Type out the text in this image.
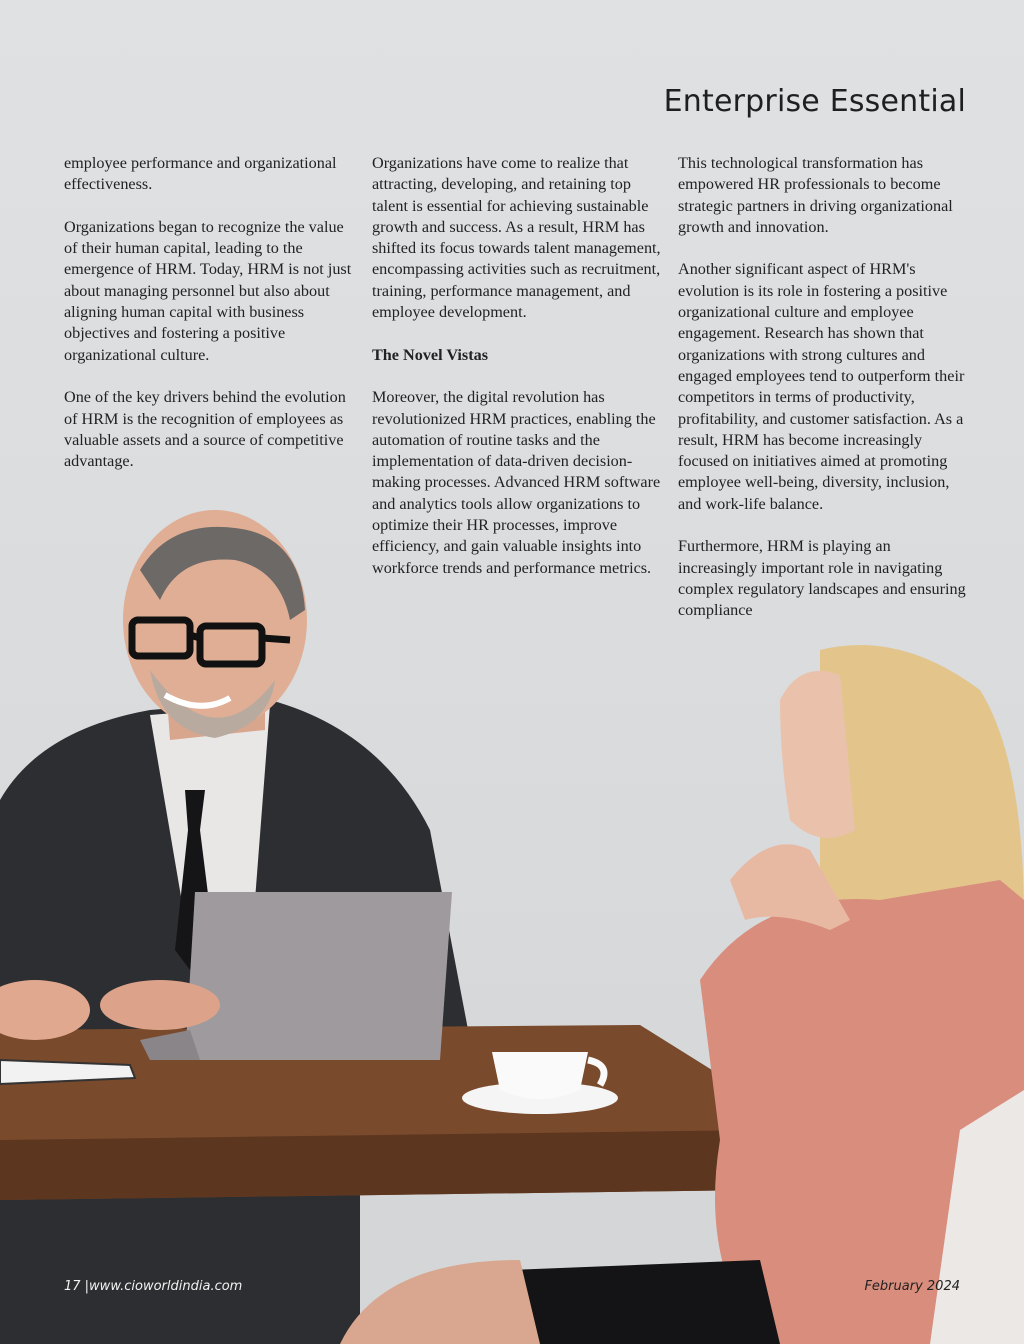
Enterprise Essential

employee performance and organizational effectiveness.

Organizations began to recognize the value of their human capital, leading to the emergence of HRM. Today, HRM is not just about managing personnel but also about aligning human capital with business objectives and fostering a positive organizational culture.

One of the key drivers behind the evolution of HRM is the recognition of employees as valuable assets and a source of competitive advantage.

Organizations have come to realize that attracting, developing, and retaining top talent is essential for achieving sustainable growth and success. As a result, HRM has shifted its focus towards talent management, encompassing activities such as recruitment, training, performance management, and employee development.

The Novel Vistas

Moreover, the digital revolution has revolutionized HRM practices, enabling the automation of routine tasks and the implementation of data-driven decision-making processes. Advanced HRM software and analytics tools allow organizations to optimize their HR processes, improve efficiency, and gain valuable insights into workforce trends and performance metrics.

This technological transformation has empowered HR professionals to become strategic partners in driving organizational growth and innovation.

Another significant aspect of HRM's evolution is its role in fostering a positive organizational culture and employee engagement. Research has shown that organizations with strong cultures and engaged employees tend to outperform their competitors in terms of productivity, profitability, and customer satisfaction. As a result, HRM has become increasingly focused on initiatives aimed at promoting employee well-being, diversity, inclusion, and work-life balance.

Furthermore, HRM is playing an increasingly important role in navigating complex regulatory landscapes and ensuring compliance

17 |www.cioworldindia.com	February 2024
